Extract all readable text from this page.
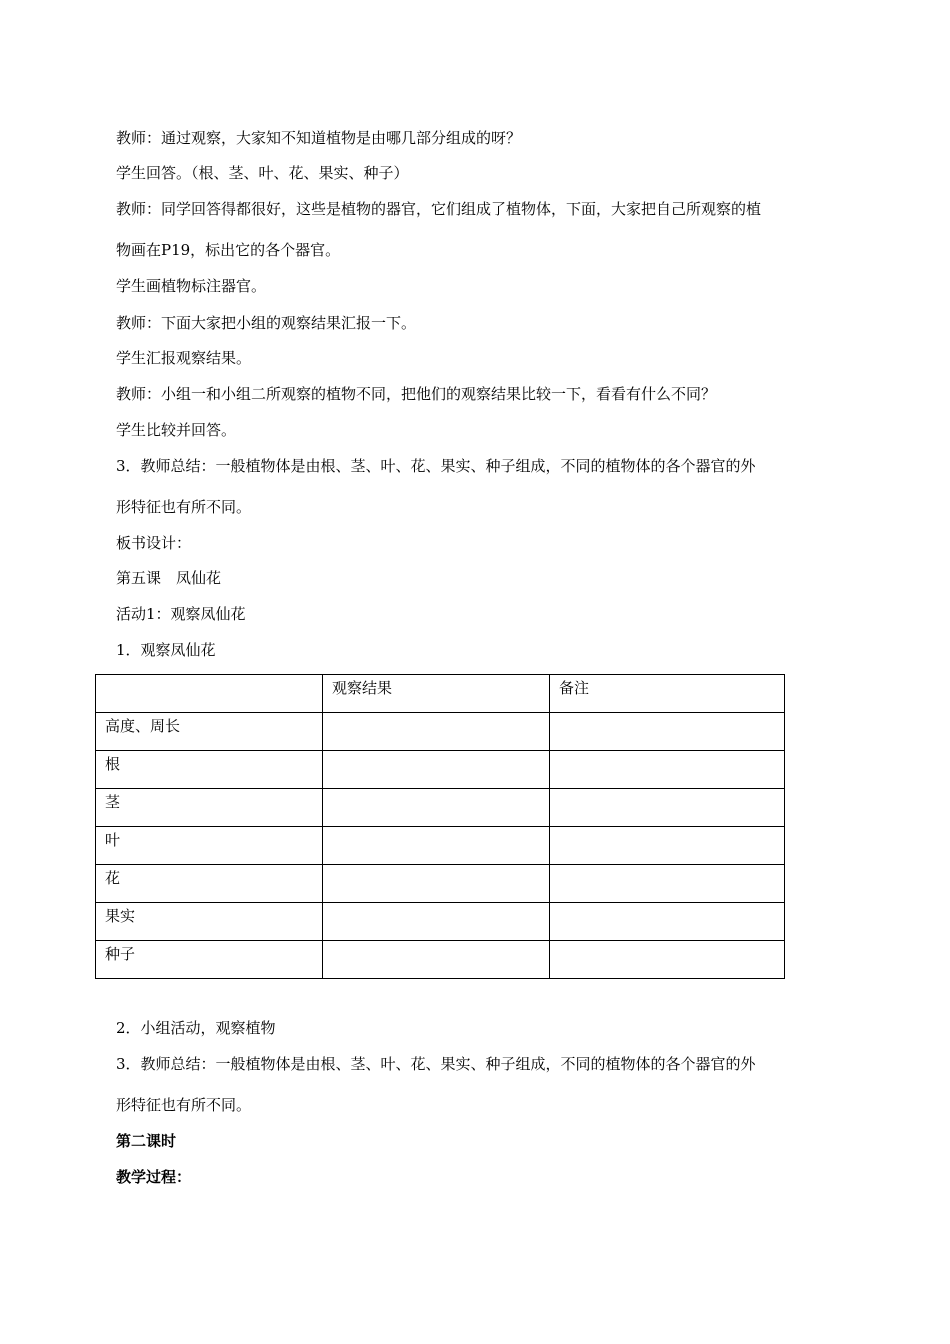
教师：通过观察，大家知不知道植物是由哪几部分组成的呀？
学生回答。（根、茎、叶、花、果实、种子）
教师：同学回答得都很好，这些是植物的器官，它们组成了植物体，下面，大家把自己所观察的植
物画在P19，标出它的各个器官。
学生画植物标注器官。
教师：下面大家把小组的观察结果汇报一下。
学生汇报观察结果。
教师：小组一和小组二所观察的植物不同，把他们的观察结果比较一下，看看有什么不同？
学生比较并回答。
3．教师总结：一般植物体是由根、茎、叶、花、果实、种子组成，不同的植物体的各个器官的外
形特征也有所不同。
板书设计：
第五课　凤仙花
活动1：观察凤仙花
1．观察凤仙花
	观察结果	备注
高度、周长		
根		
茎		
叶		
花		
果实		
种子		
2．小组活动，观察植物
3．教师总结：一般植物体是由根、茎、叶、花、果实、种子组成，不同的植物体的各个器官的外
形特征也有所不同。
第二课时
教学过程：
